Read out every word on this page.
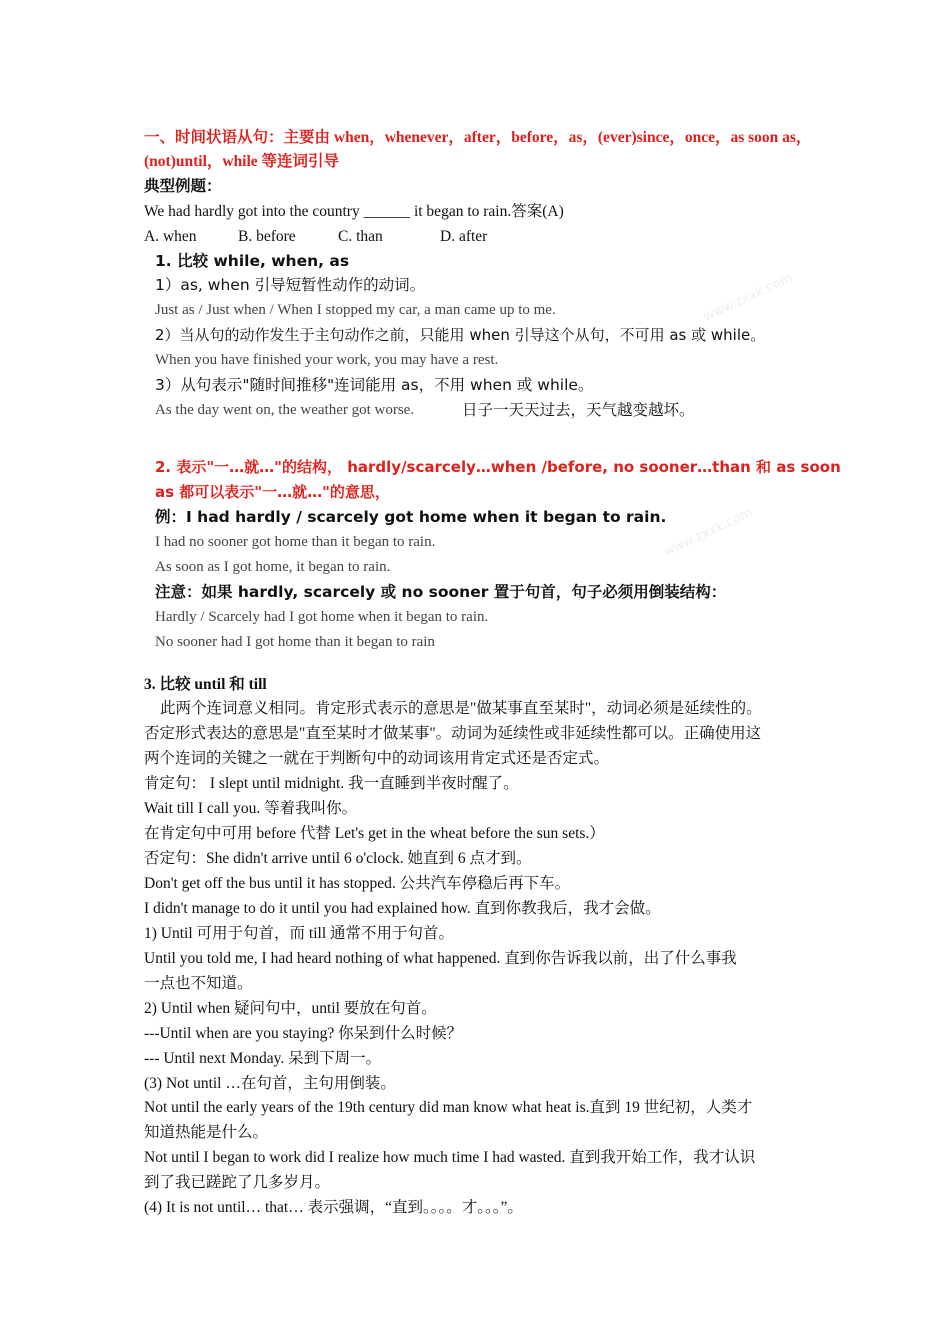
一、时间状语从句：主要由 when，whenever，after，before，as，(ever)since，once，as soon as，
(not)until，while 等连词引导
典型例题：
We had hardly got into the country ______ it began to rain.答案(A)
A. when	B. before	C. than	D. after
1. 比较 while, when, as
1）as, when 引导短暂性动作的动词。
Just as / Just when / When I stopped my car, a man came up to me.
2）当从句的动作发生于主句动作之前，只能用 when 引导这个从句，不可用 as 或 while。
When you have finished your work, you may have a rest.
3）从句表示"随时间推移"连词能用 as，不用 when 或 while。
As the day went on, the weather got worse.	日子一天天过去，天气越变越坏。
2. 表示"一…就…"的结构， hardly/scarcely…when /before, no sooner…than 和 as soon
as 都可以表示"一…就…"的意思，
例：I had hardly / scarcely got home when it began to rain.
I had no sooner got home than it began to rain.
As soon as I got home, it began to rain.
注意：如果 hardly, scarcely 或 no sooner 置于句首，句子必须用倒装结构：
Hardly / Scarcely had I got home when it began to rain.
No sooner had I got home than it began to rain
3. 比较 until 和 till
此两个连词意义相同。肯定形式表示的意思是"做某事直至某时"，动词必须是延续性的。
否定形式表达的意思是"直至某时才做某事"。动词为延续性或非延续性都可以。正确使用这
两个连词的关键之一就在于判断句中的动词该用肯定式还是否定式。
肯定句： I slept until midnight. 我一直睡到半夜时醒了。
Wait till I call you. 等着我叫你。
在肯定句中可用 before 代替 Let's get in the wheat before the sun sets.）
否定句：She didn't arrive until 6 o'clock. 她直到 6 点才到。
Don't get off the bus until it has stopped. 公共汽车停稳后再下车。
I didn't manage to do it until you had explained how. 直到你教我后，我才会做。
1) Until 可用于句首，而 till 通常不用于句首。
Until you told me, I had heard nothing of what happened. 直到你告诉我以前，出了什么事我
一点也不知道。
2) Until when 疑问句中，until 要放在句首。
---Until when are you staying? 你呆到什么时候？
--- Until next Monday. 呆到下周一。
(3) Not until …在句首，主句用倒装。
Not until the early years of the 19th century did man know what heat is.直到 19 世纪初，人类才
知道热能是什么。
Not until I began to work did I realize how much time I had wasted. 直到我开始工作，我才认识
到了我已蹉跎了几多岁月。
(4) It is not until… that… 表示强调，“直到。。。。才。。。”。
www.zxxk.com
www.zxxk.com
